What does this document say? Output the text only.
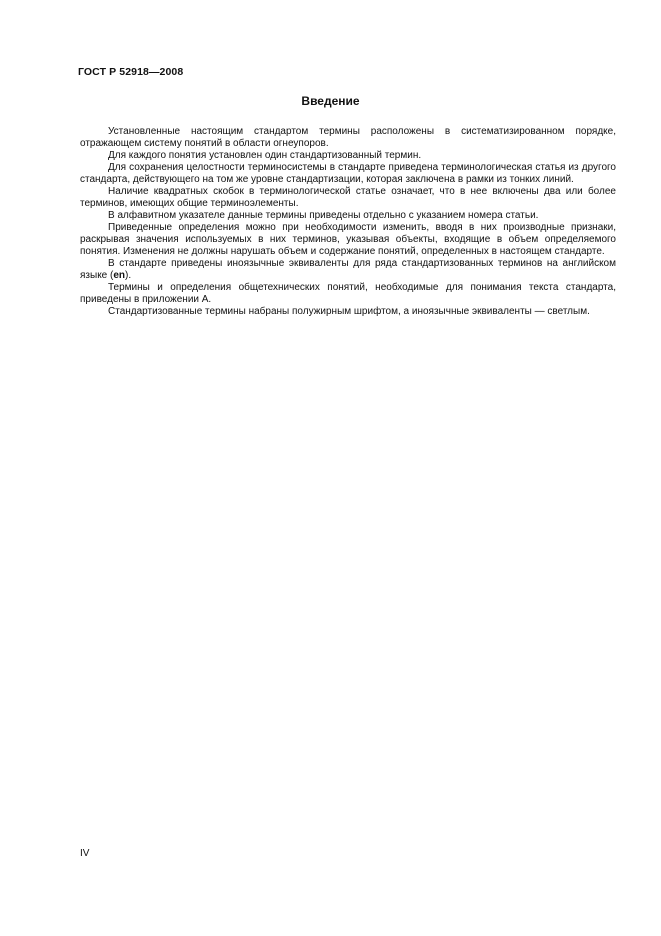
ГОСТ Р 52918—2008
Введение

Установленные настоящим стандартом термины расположены в систематизированном порядке, отражающем систему понятий в области огнеупоров.

Для каждого понятия установлен один стандартизованный термин.

Для сохранения целостности терминосистемы в стандарте приведена терминологическая статья из другого стандарта, действующего на том же уровне стандартизации, которая заключена в рамки из тонких линий.

Наличие квадратных скобок в терминологической статье означает, что в нее включены два или более терминов, имеющих общие терминоэлементы.

В алфавитном указателе данные термины приведены отдельно с указанием номера статьи.

Приведенные определения можно при необходимости изменить, вводя в них производные признаки, раскрывая значения используемых в них терминов, указывая объекты, входящие в объем определяемого понятия. Изменения не должны нарушать объем и содержание понятий, определенных в настоящем стандарте.

В стандарте приведены иноязычные эквиваленты для ряда стандартизованных терминов на английском языке (en).

Термины и определения общетехнических понятий, необходимые для понимания текста стандарта, приведены в приложении А.

Стандартизованные термины набраны полужирным шрифтом, а иноязычные эквиваленты — светлым.

IV
